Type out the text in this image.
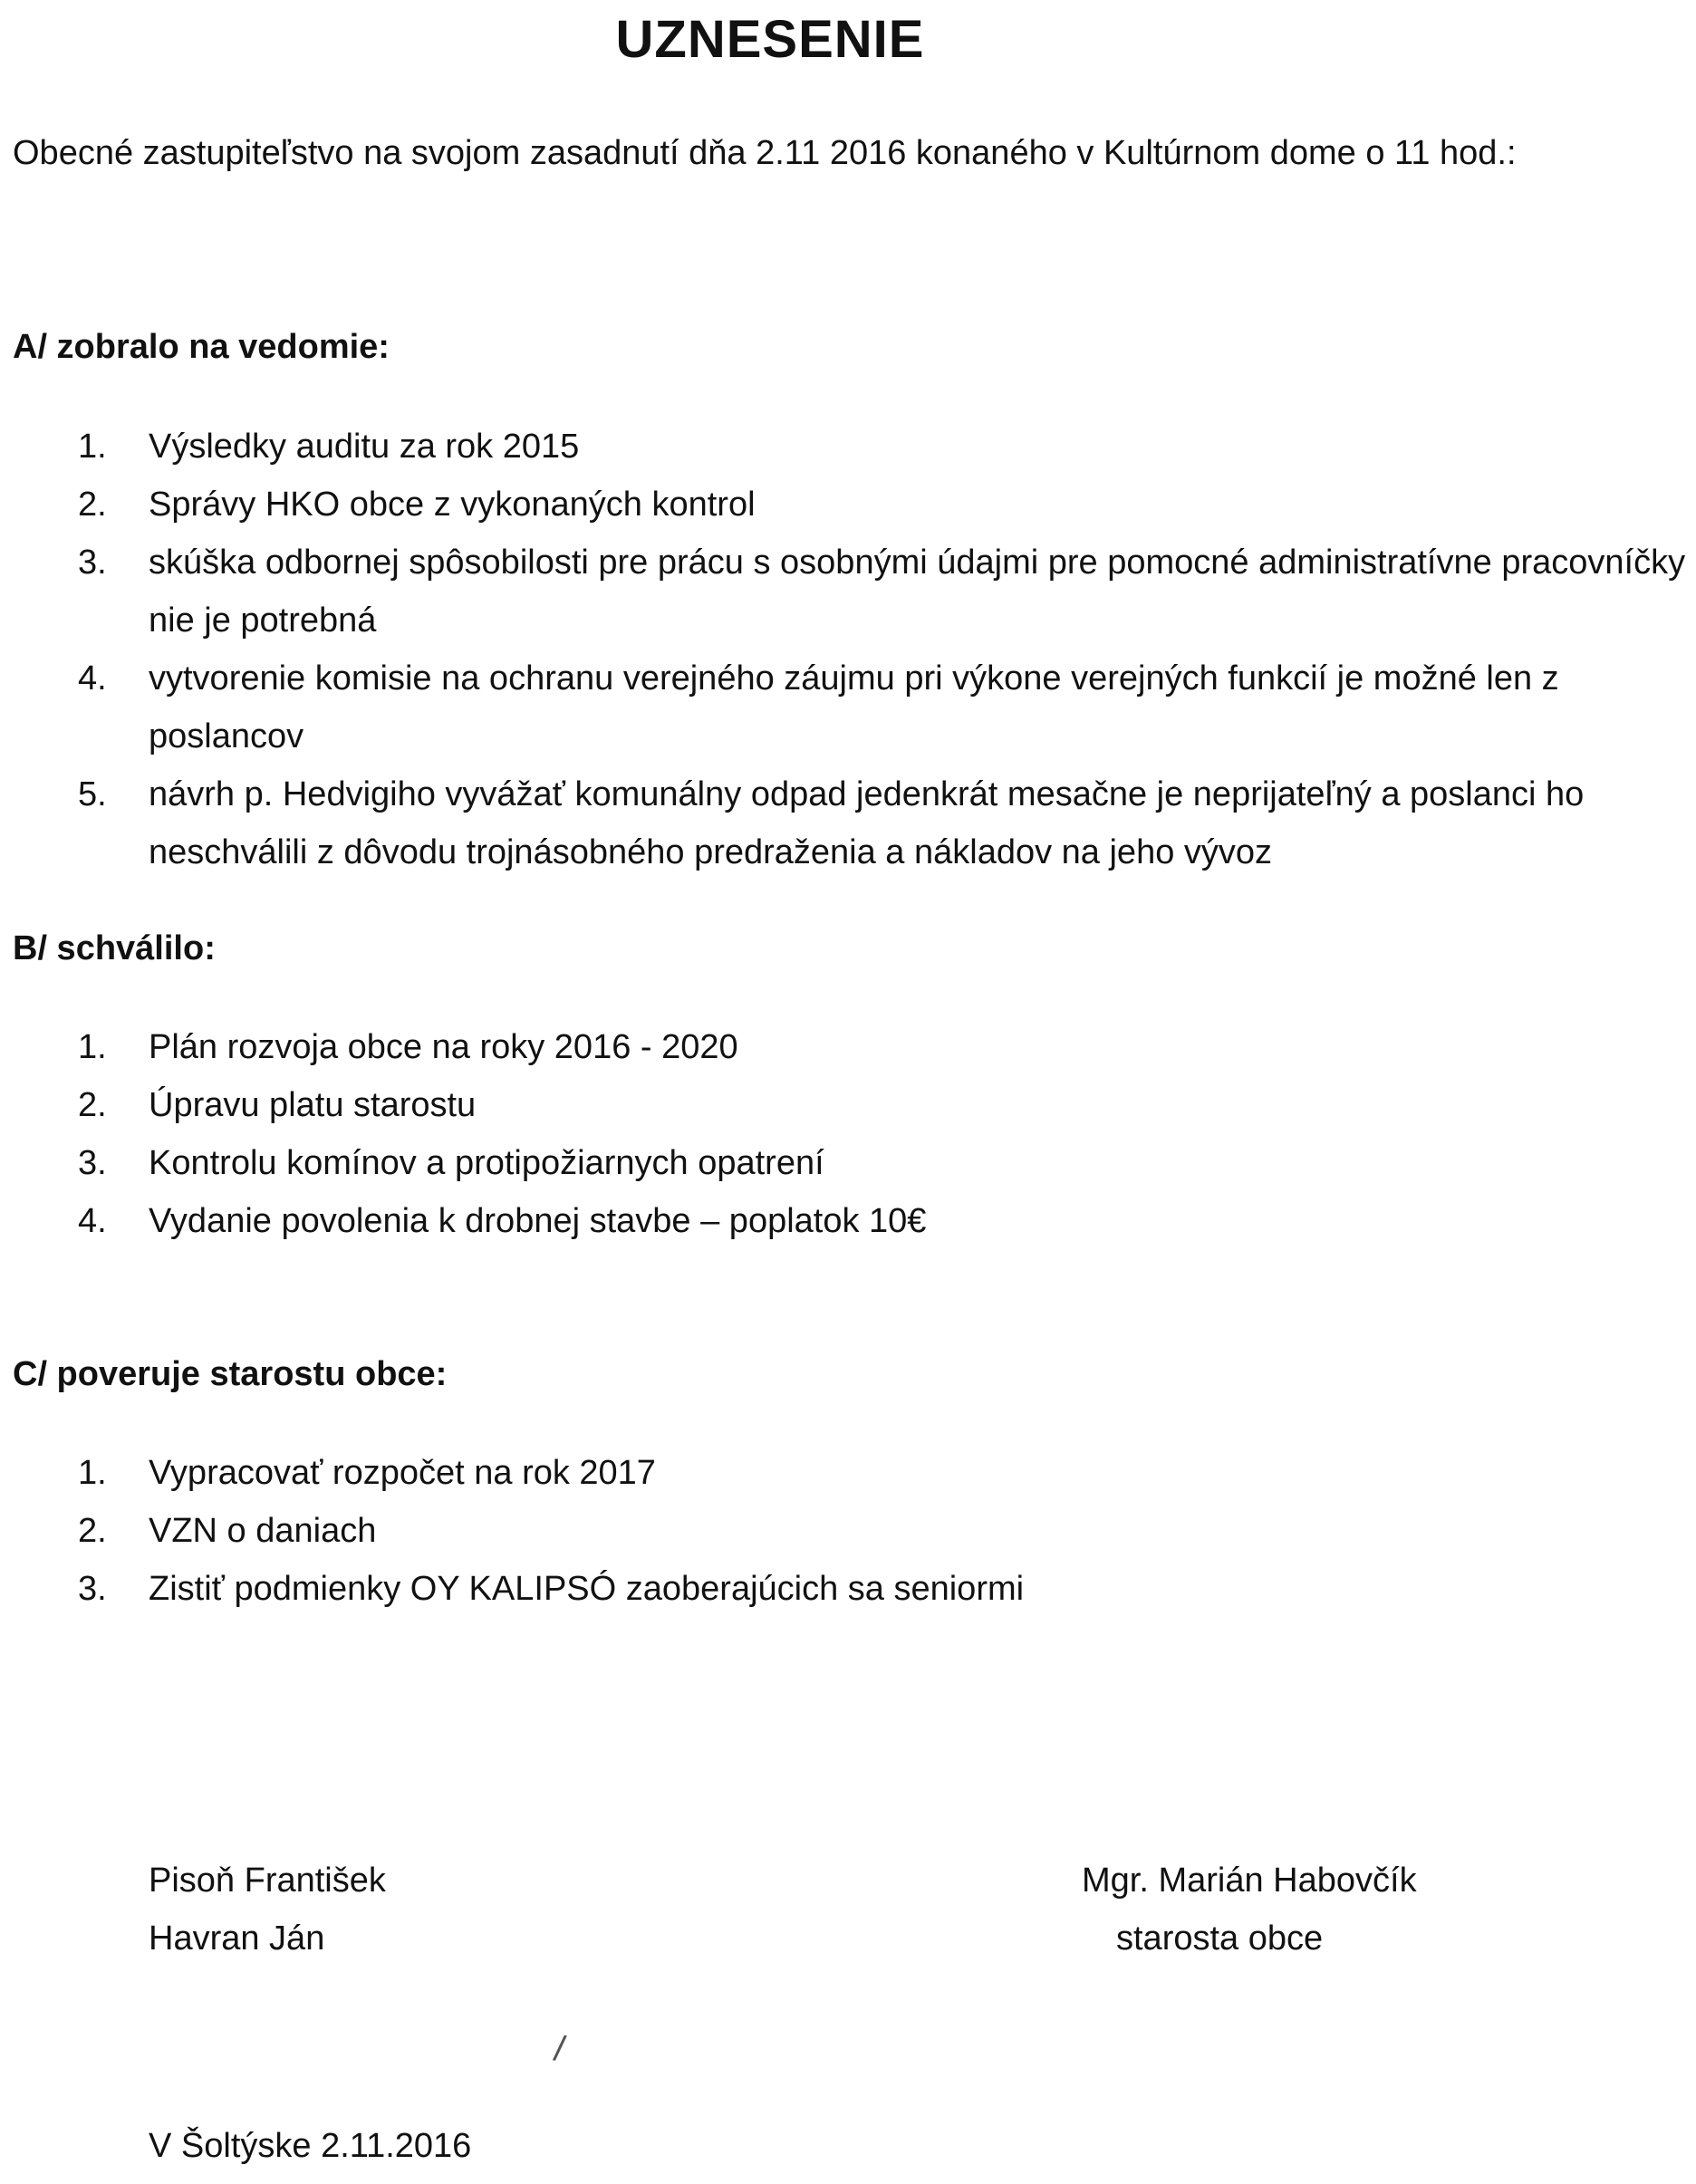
UZNESENIE
Obecné zastupiteľstvo na svojom zasadnutí dňa 2.11 2016 konaného v Kultúrnom dome o 11 hod.:
A/ zobralo na vedomie:
1.	Výsledky auditu za rok 2015
2.	Správy HKO obce z vykonaných kontrol
3.	skúška odbornej spôsobilosti pre prácu s osobnými údajmi pre pomocné administratívne pracovníčky nie je potrebná
4.	vytvorenie komisie na ochranu verejného záujmu pri výkone verejných funkcií je možné len z poslancov
5.	návrh p. Hedvigiho vyvážať komunálny odpad jedenkrát mesačne je neprijateľný a poslanci ho neschválili z dôvodu trojnásobného predraženia a nákladov na jeho vývoz
B/ schválilo:
1.	Plán rozvoja obce na roky 2016 - 2020
2.	Úpravu platu starostu
3.	Kontrolu komínov a protipožiarnych opatrení
4.	Vydanie povolenia k drobnej stavbe – poplatok 10€
C/ poveruje starostu obce:
1.	Vypracovať rozpočet na rok 2017
2.	VZN o daniach
3.	Zistiť podmienky OY KALIPSÓ zaoberajúcich sa seniormi
Pisoň František
Havran Ján
Mgr. Marián Habovčík
starosta obce
/
V Šoltýske 2.11.2016
